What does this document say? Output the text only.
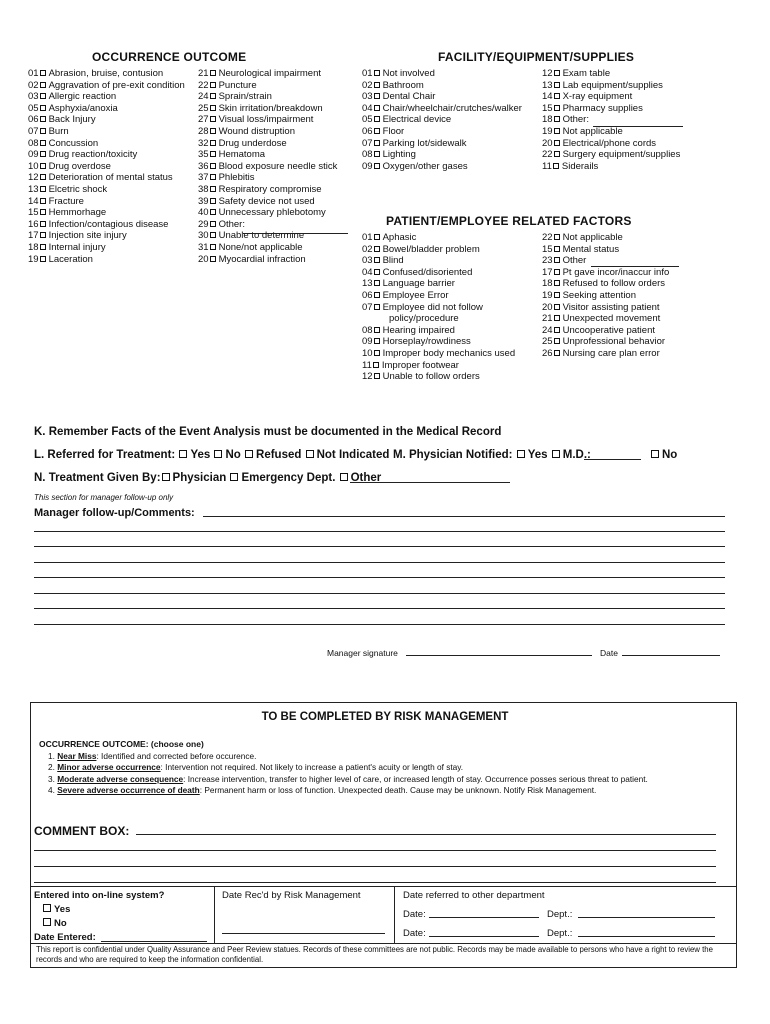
OCCURRENCE OUTCOME	FACILITY/EQUIPMENT/SUPPLIES
01 Abrasion, bruise, contusion
02 Aggravation of pre-exit condition
03 Allergic reaction
05 Asphyxia/anoxia
06 Back Injury
07 Burn
08 Concussion
09 Drug reaction/toxicity
10 Drug overdose
12 Deterioration of mental status
13 Elcetric shock
14 Fracture
15 Hemmorhage
16 Infection/contagious disease
17 Injection site injury
18 Internal injury
19 Laceration
21 Neurological impairment
22 Puncture
24 Sprain/strain
25 Skin irritation/breakdown
27 Visual loss/impairment
28 Wound distruption
32 Drug underdose
35 Hematoma
36 Blood exposure needle stick
37 Phlebitis
38 Respiratory compromise
39 Safety device not used
40 Unnecessary phlebotomy
29 Other:
30 Unable to determine
31 None/not applicable
20 Myocardial infraction
01 Not involved
02 Bathroom
03 Dental Chair
04 Chair/wheelchair/crutches/walker
05 Electrical device
06 Floor
07 Parking lot/sidewalk
08 Lighting
09 Oxygen/other gases
12 Exam table
13 Lab equipment/supplies
14 X-ray equipment
15 Pharmacy supplies
18 Other:
19 Not applicable
20 Electrical/phone cords
22 Surgery equipment/supplies
11 Siderails
PATIENT/EMPLOYEE RELATED FACTORS
01 Aphasic
02 Bowel/bladder problem
03 Blind
04 Confused/disoriented
13 Language barrier
06 Employee Error
07 Employee did not follow
policy/procedure
08 Hearing impaired
09 Horseplay/rowdiness
10 Improper body mechanics used
11 Improper footwear
12 Unable to follow orders
22 Not applicable
15 Mental status
23 Other
17 Pt gave incor/inaccur info
18 Refused to follow orders
19 Seeking attention
20 Visitor assisting patient
21 Unexpected movement
24 Uncooperative patient
25 Unprofessional behavior
26 Nursing care plan error
K. Remember Facts of the Event Analysis must be documented in the Medical Record
L. Referred for Treatment: Yes No Refused Not Indicated M. Physician Notified: Yes M.D.:	No
N. Treatment Given By: Physician Emergency Dept. Other
This section for manager follow-up only
Manager follow-up/Comments:
Manager signature	Date
TO BE COMPLETED BY RISK MANAGEMENT
OCCURRENCE OUTCOME: (choose one)
1. Near Miss: Identified and corrected before occurence.
2. Minor adverse occurrence: Intervention not required. Not likely to increase a patient's acuity or length of stay.
3. Moderate adverse consequence: Increase intervention, transfer to higher level of care, or increased length of stay. Occurrence posses serious threat to patient.
4. Severe adverse occurrence of death: Permanent harm or loss of function. Unexpected death. Cause may be unknown. Notify Risk Management.
COMMENT BOX:
Entered into on-line system?
Yes
No
Date Entered:
Date Rec'd by Risk Management	Date referred to other department
Date:	Dept.:
Date:	Dept.:
This report is confidential under Quality Assurance and Peer Review statues. Records of these committees are not public. Records may be made available to persons who have a right to review the records and who are required to keep the information confidential.
